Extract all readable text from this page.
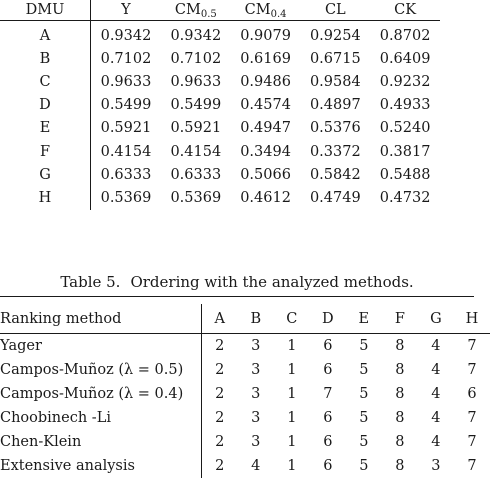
DMU	Y	$CM_{0.5}$	$CM_{0.4}$	CL	CK
A	0.9342	0.9342	0.9079	0.9254	0.8702
B	0.7102	0.7102	0.6169	0.6715	0.6409
C	0.9633	0.9633	0.9486	0.9584	0.9232
D	0.5499	0.5499	0.4574	0.4897	0.4933
E	0.5921	0.5921	0.4947	0.5376	0.5240
F	0.4154	0.4154	0.3494	0.3372	0.3817
G	0.6333	0.6333	0.5066	0.5842	0.5488
H	0.5369	0.5369	0.4612	0.4749	0.4732
Table 5. Ordering with the analyzed methods.
Ranking method	A	B	C	D	E	F	G	H
Yager	2	3	1	6	5	8	4	7
Campos-Muñoz (λ = 0.5)	2	3	1	6	5	8	4	7
Campos-Muñoz (λ = 0.4)	2	3	1	7	5	8	4	6
Choobinech -Li	2	3	1	6	5	8	4	7
Chen-Klein	2	3	1	6	5	8	4	7
Extensive analysis	2	4	1	6	5	8	3	7
